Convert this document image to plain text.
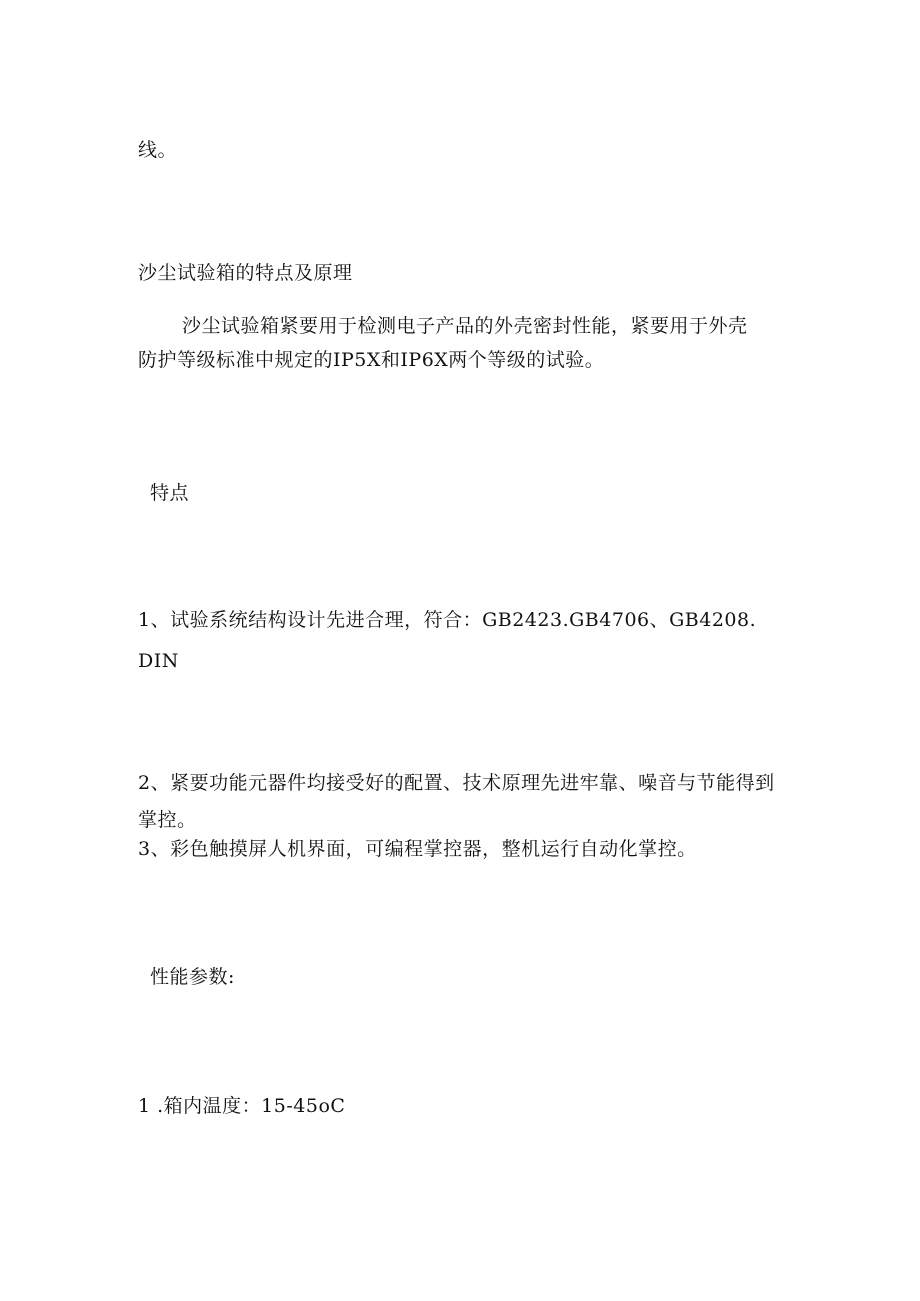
线。
沙尘试验箱的特点及原理
沙尘试验箱紧要用于检测电子产品的外壳密封性能，紧要用于外壳
防护等级标准中规定的IP5X和IP6X两个等级的试验。
特点
1、试验系统结构设计先进合理，符合：GB2423.GB4706、GB4208.
DIN
2、紧要功能元器件均接受好的配置、技术原理先进牢靠、噪音与节能得到
掌控。
3、彩色触摸屏人机界面，可编程掌控器，整机运行自动化掌控。
性能参数:
1 .箱内温度：15-45oC
